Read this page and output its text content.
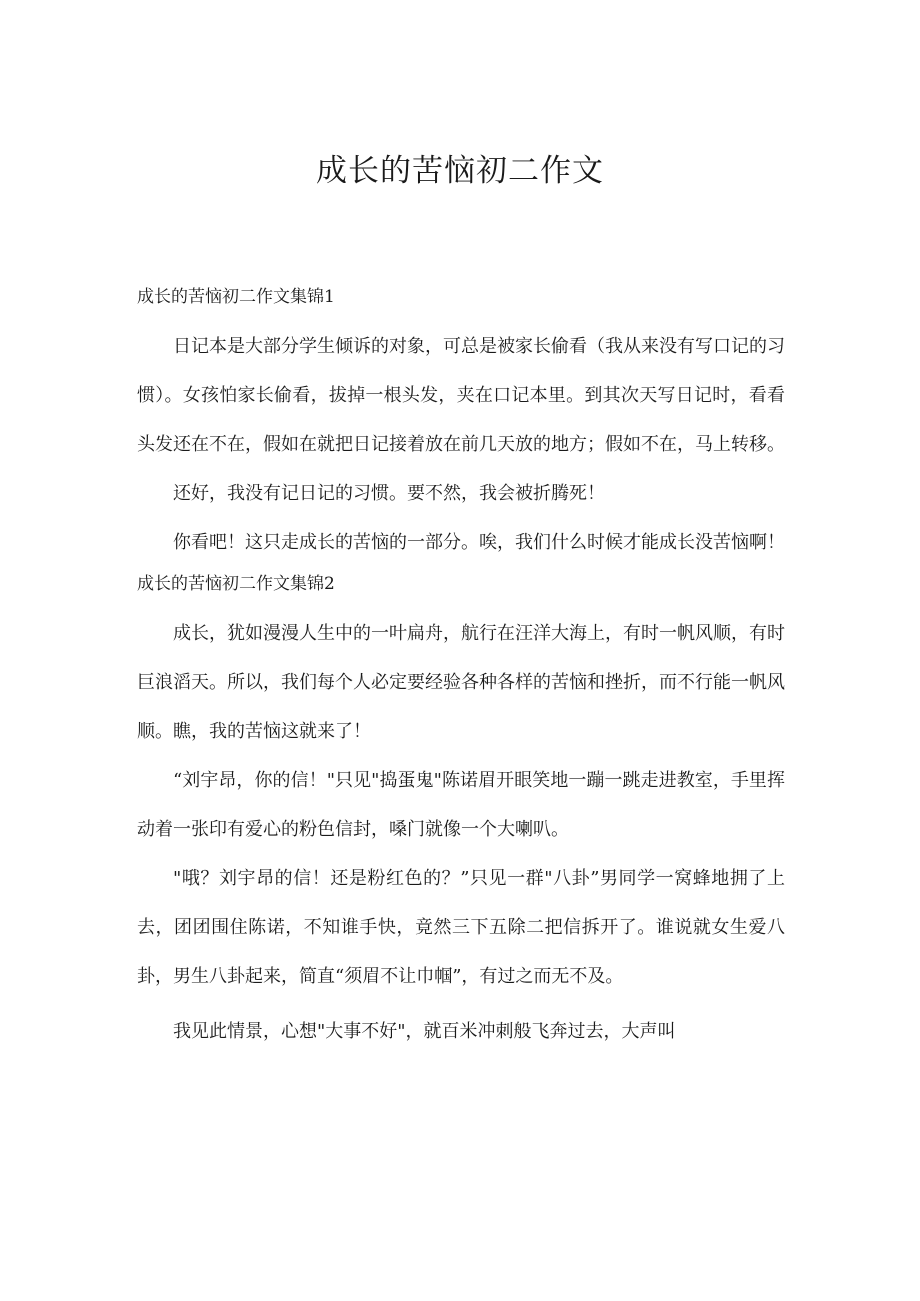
成长的苦恼初二作文
成长的苦恼初二作文集锦1

日记本是大部分学生倾诉的对象，可总是被家长偷看（我从来没有写口记的习惯）。女孩怕家长偷看，拔掉一根头发，夹在口记本里。到其次天写日记时，看看头发还在不在，假如在就把日记接着放在前几天放的地方；假如不在，马上转移。

还好，我没有记日记的习惯。要不然，我会被折腾死！

你看吧！这只走成长的苦恼的一部分。唉，我们什么时候才能成长没苦恼啊！

成长的苦恼初二作文集锦2

成长，犹如漫漫人生中的一叶扁舟，航行在汪洋大海上，有时一帆风顺，有时巨浪滔天。所以，我们每个人必定要经验各种各样的苦恼和挫折，而不行能一帆风顺。瞧，我的苦恼这就来了！

“刘宇昂，你的信！"只见"捣蛋鬼"陈诺眉开眼笑地一蹦一跳走进教室，手里挥动着一张印有爱心的粉色信封，嗓门就像一个大喇叭。

"哦？刘宇昂的信！还是粉红色的？”只见一群"八卦”男同学一窝蜂地拥了上去，团团围住陈诺，不知谁手快，竟然三下五除二把信拆开了。谁说就女生爱八卦，男生八卦起来，简直“须眉不让巾帼”，有过之而无不及。

我见此情景，心想"大事不好"，就百米冲刺般飞奔过去，大声叫
